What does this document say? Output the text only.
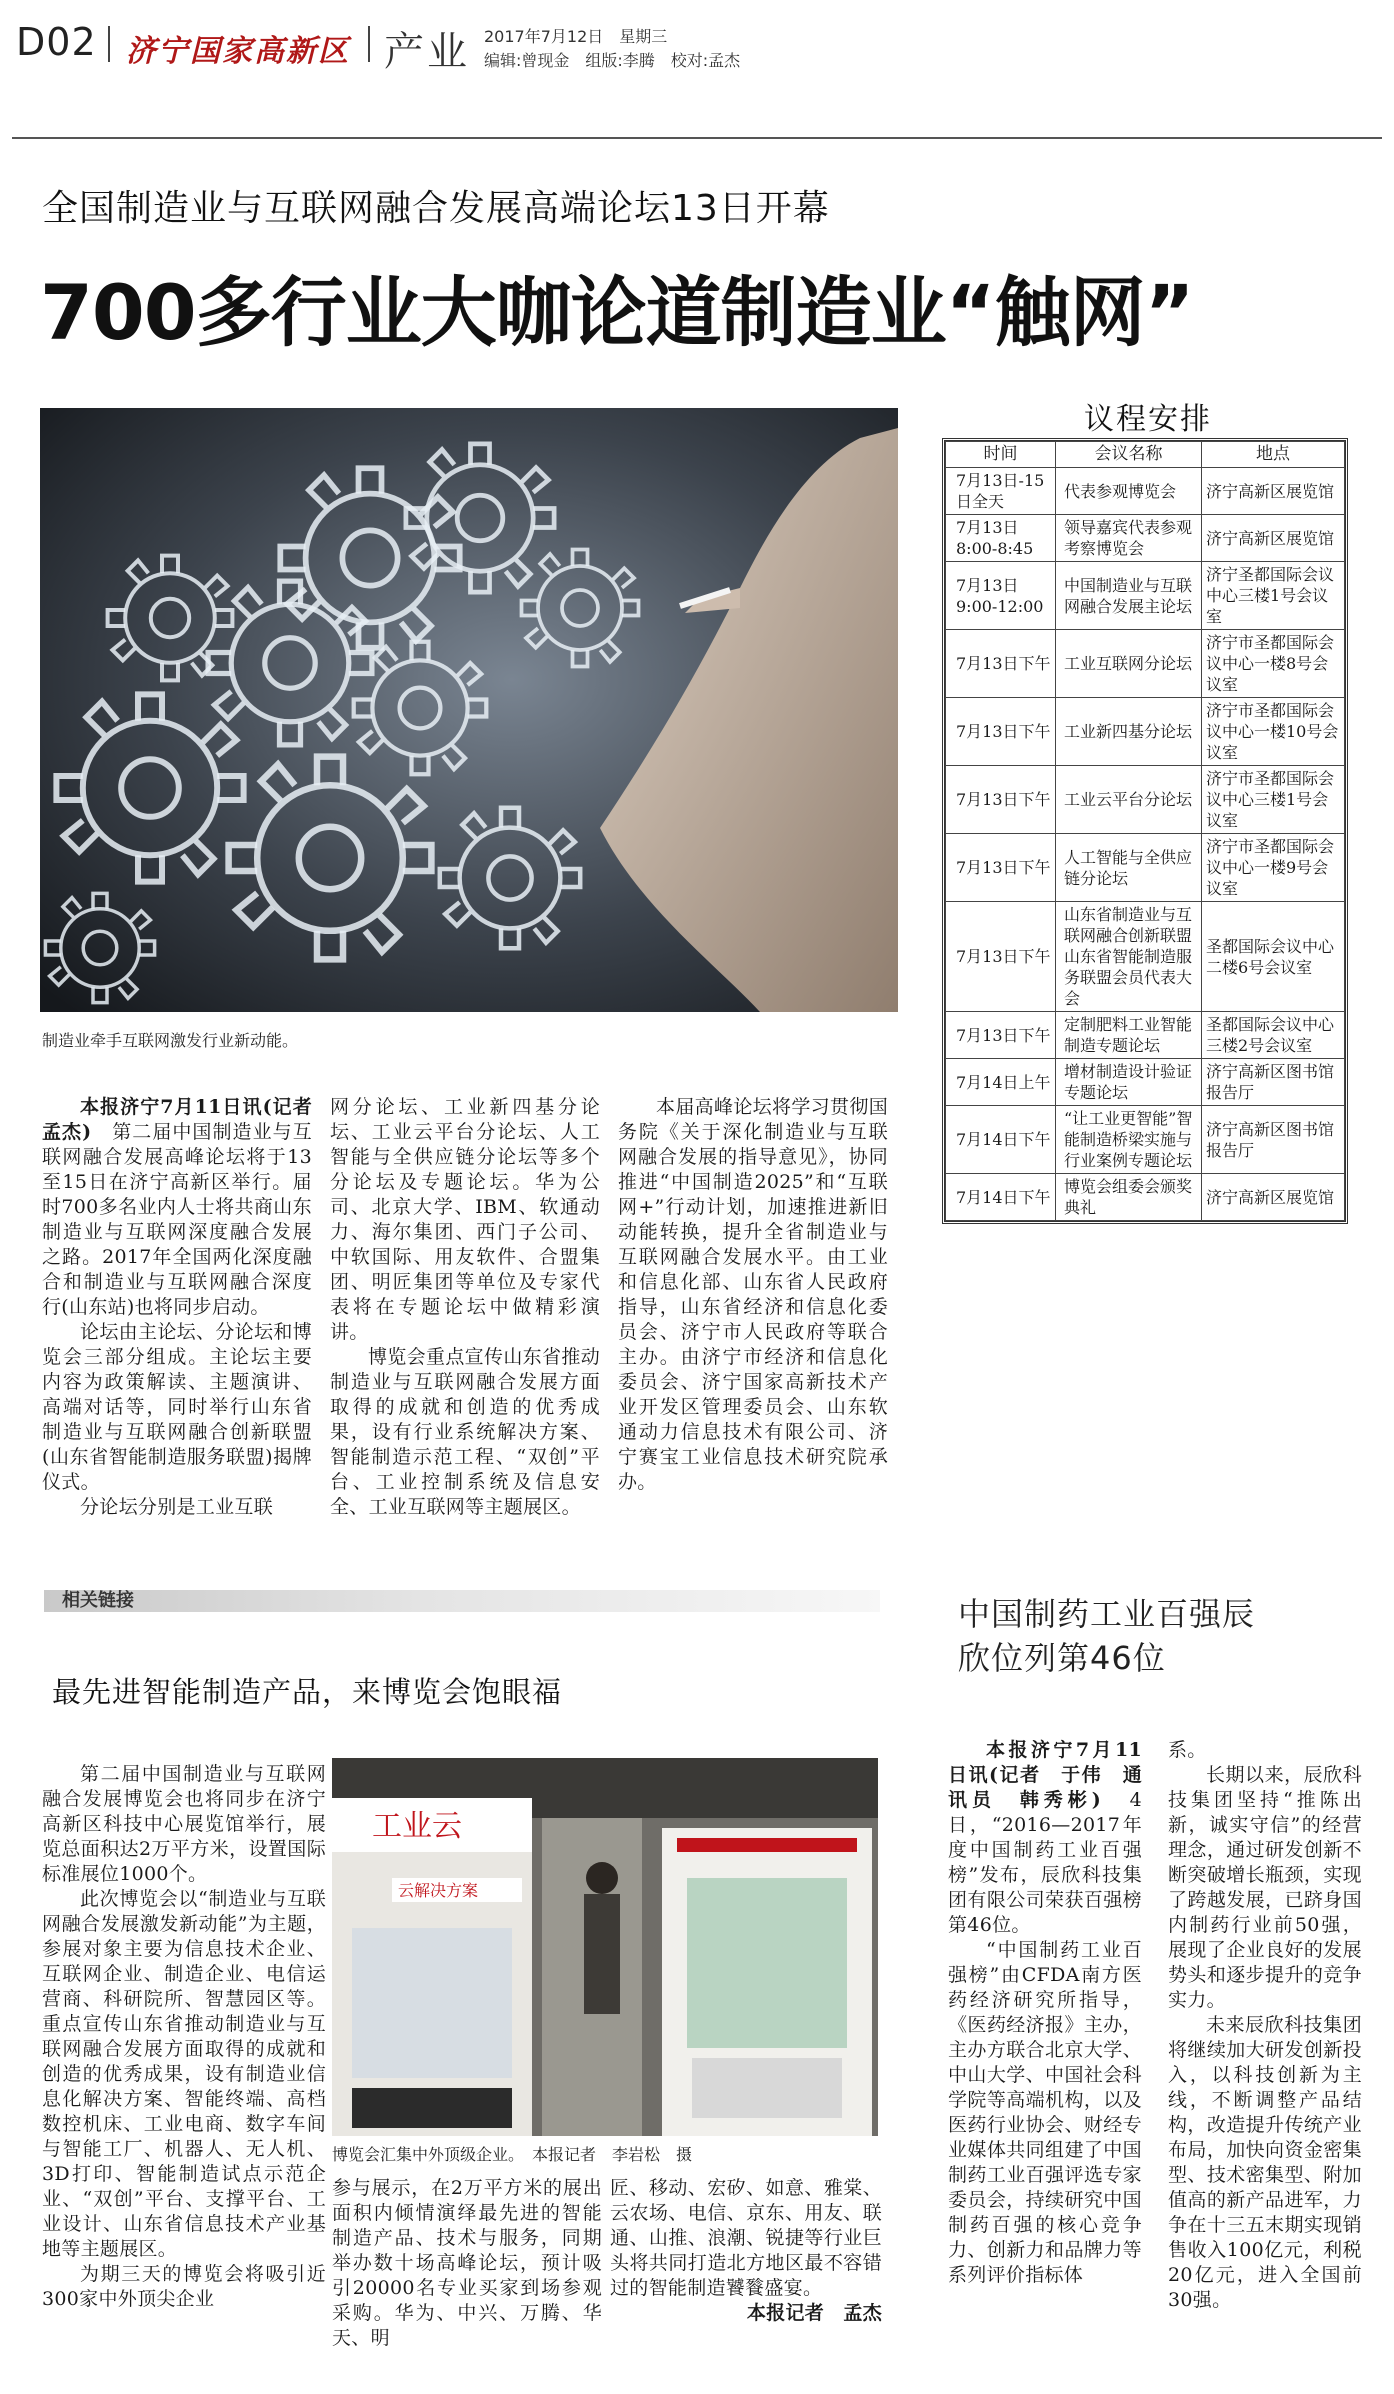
D02 济宁国家高新区 产业 2017年7月12日　星期三
编辑:曾现金　组版:李腾　校对:孟杰
全国制造业与互联网融合发展高端论坛13日开幕
700多行业大咖论道制造业“触网”
制造业牵手互联网激发行业新动能。
议程安排
时间	会议名称	地点
7月13日-15日全天	代表参观博览会	济宁高新区展览馆
7月13日8:00-8:45	领导嘉宾代表参观考察博览会	济宁高新区展览馆
7月13日9:00-12:00	中国制造业与互联网融合发展主论坛	济宁圣都国际会议中心三楼1号会议室
7月13日下午	工业互联网分论坛	济宁市圣都国际会议中心一楼8号会议室
7月13日下午	工业新四基分论坛	济宁市圣都国际会议中心一楼10号会议室
7月13日下午	工业云平台分论坛	济宁市圣都国际会议中心三楼1号会议室
7月13日下午	人工智能与全供应链分论坛	济宁市圣都国际会议中心一楼9号会议室
7月13日下午	山东省制造业与互联网融合创新联盟山东省智能制造服务联盟会员代表大会	圣都国际会议中心二楼6号会议室
7月13日下午	定制肥料工业智能制造专题论坛	圣都国际会议中心三楼2号会议室
7月14日上午	增材制造设计验证专题论坛	济宁高新区图书馆报告厅
7月14日下午	“让工业更智能”智能制造桥梁实施与行业案例专题论坛	济宁高新区图书馆报告厅
7月14日下午	博览会组委会颁奖典礼	济宁高新区展览馆

本报济宁7月11日讯(记者　孟杰)　 第二届中国制造业与互联网融合发展高峰论坛将于13至15日在济宁高新区举行。届时700多名业内人士将共商山东制造业与互联网深度融合发展之路。2017年全国两化深度融合和制造业与互联网融合深度行(山东站)也将同步启动。

论坛由主论坛、分论坛和博览会三部分组成。主论坛主要内容为政策解读、主题演讲、高端对话等，同时举行山东省制造业与互联网融合创新联盟(山东省智能制造服务联盟)揭牌仪式。

分论坛分别是工业互联

网分论坛、工业新四基分论坛、工业云平台分论坛、人工智能与全供应链分论坛等多个分论坛及专题论坛。华为公司、北京大学、IBM、软通动力、海尔集团、西门子公司、中软国际、用友软件、合盟集团、明匠集团等单位及专家代表将在专题论坛中做精彩演讲。

博览会重点宣传山东省推动制造业与互联网融合发展方面取得的成就和创造的优秀成果，设有行业系统解决方案、智能制造示范工程、“双创”平台、工业控制系统及信息安全、工业互联网等主题展区。

本届高峰论坛将学习贯彻国务院《关于深化制造业与互联网融合发展的指导意见》，协同推进“中国制造2025”和“互联网+”行动计划，加速推进新旧动能转换，提升全省制造业与互联网融合发展水平。由工业和信息化部、山东省人民政府指导，山东省经济和信息化委员会、济宁市人民政府等联合主办。由济宁市经济和信息化委员会、济宁国家高新技术产业开发区管理委员会、山东软通动力信息技术有限公司、济宁赛宝工业信息技术研究院承办。

相关链接
最先进智能制造产品，来博览会饱眼福

第二届中国制造业与互联网融合发展博览会也将同步在济宁高新区科技中心展览馆举行，展览总面积达2万平方米，设置国际标准展位1000个。

此次博览会以“制造业与互联网融合发展激发新动能”为主题，参展对象主要为信息技术企业、互联网企业、制造企业、电信运营商、科研院所、智慧园区等。重点宣传山东省推动制造业与互联网融合发展方面取得的成就和创造的优秀成果，设有制造业信息化解决方案、智能终端、高档数控机床、工业电商、数字车间与智能工厂、机器人、无人机、3D打印、智能制造试点示范企业、“双创”平台、支撑平台、工业设计、山东省信息技术产业基地等主题展区。

为期三天的博览会将吸引近300家中外顶尖企业

工业云
云解决方案
博览会汇集中外顶级企业。　本报记者　李岩松　摄

参与展示，在2万平方米的展出面积内倾情演绎最先进的智能制造产品、技术与服务，同期举办数十场高峰论坛，预计吸引20000名专业买家到场参观采购。华为、中兴、万腾、华天、明

匠、移动、宏矽、如意、雅棠、云农场、电信、京东、用友、联通、山推、浪潮、锐捷等行业巨头将共同打造北方地区最不容错过的智能制造饕餮盛宴。

本报记者　孟杰

中国制药工业百强辰欣位列第46位

本报济宁7月11日讯(记者　于伟　通讯员　韩秀彬)　 4日，“2016—2017年度中国制药工业百强榜”发布，辰欣科技集团有限公司荣获百强榜第46位。

“中国制药工业百强榜”由CFDA南方医药经济研究所指导，《医药经济报》主办，主办方联合北京大学、中山大学、中国社会科学院等高端机构，以及医药行业协会、财经专业媒体共同组建了中国制药工业百强评选专家委员会，持续研究中国制药百强的核心竞争力、创新力和品牌力等系列评价指标体

系。

长期以来，辰欣科技集团坚持“推陈出新，诚实守信”的经营理念，通过研发创新不断突破增长瓶颈，实现了跨越发展，已跻身国内制药行业前50强，展现了企业良好的发展势头和逐步提升的竞争实力。

未来辰欣科技集团将继续加大研发创新投入，以科技创新为主线，不断调整产品结构，改造提升传统产业布局，加快向资金密集型、技术密集型、附加值高的新产品进军，力争在十三五末期实现销售收入100亿元，利税20亿元，进入全国前30强。
